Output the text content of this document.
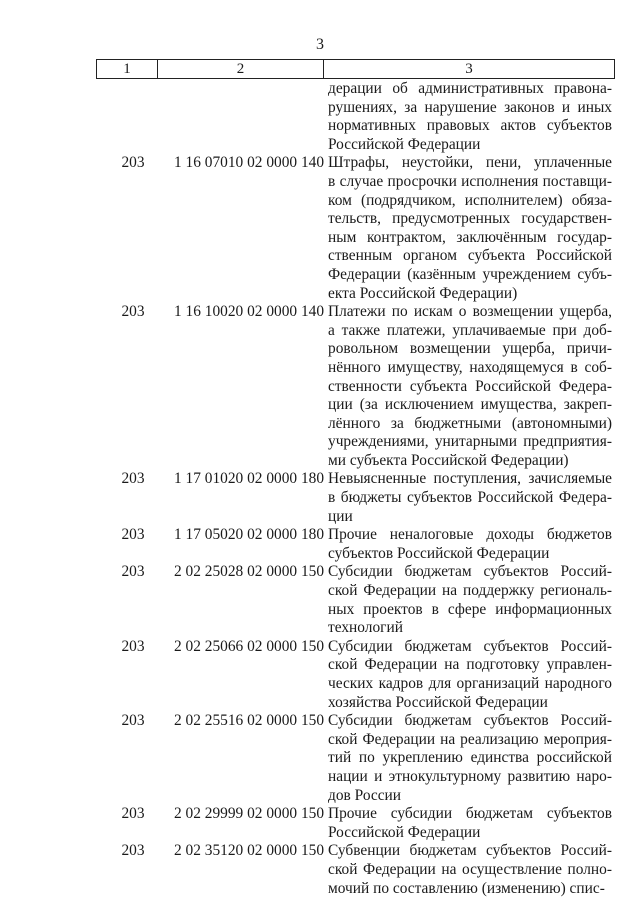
3
1	2	3
дерации об административных правона-
рушениях, за нарушение законов и иных
нормативных правовых актов субъектов
Российской Федерации
203	1 16 07010 02 0000 140 Штрафы, неустойки, пени, уплаченные
в случае просрочки исполнения поставщи-
ком (подрядчиком, исполнителем) обяза-
тельств, предусмотренных государствен-
ным контрактом, заключённым государ-
ственным органом субъекта Российской
Федерации (казённым учреждением субъ-
екта Российской Федерации)
203	1 16 10020 02 0000 140 Платежи по искам о возмещении ущерба,
а также платежи, уплачиваемые при доб-
ровольном возмещении ущерба, причи-
нённого имуществу, находящемуся в соб-
ственности субъекта Российской Федера-
ции (за исключением имущества, закреп-
лённого за бюджетными (автономными)
учреждениями, унитарными предприятия-
ми субъекта Российской Федерации)
203	1 17 01020 02 0000 180 Невыясненные поступления, зачисляемые
в бюджеты субъектов Российской Федера-
ции
203	1 17 05020 02 0000 180 Прочие неналоговые доходы бюджетов
субъектов Российской Федерации
203	2 02 25028 02 0000 150 Субсидии бюджетам субъектов Россий-
ской Федерации на поддержку региональ-
ных проектов в сфере информационных
технологий
203	2 02 25066 02 0000 150 Субсидии бюджетам субъектов Россий-
ской Федерации на подготовку управлен-
ческих кадров для организаций народного
хозяйства Российской Федерации
203	2 02 25516 02 0000 150 Субсидии бюджетам субъектов Россий-
ской Федерации на реализацию мероприя-
тий по укреплению единства российской
нации и этнокультурному развитию наро-
дов России
203	2 02 29999 02 0000 150 Прочие субсидии бюджетам субъектов
Российской Федерации
203	2 02 35120 02 0000 150 Субвенции бюджетам субъектов Россий-
ской Федерации на осуществление полно-
мочий по составлению (изменению) спис-
